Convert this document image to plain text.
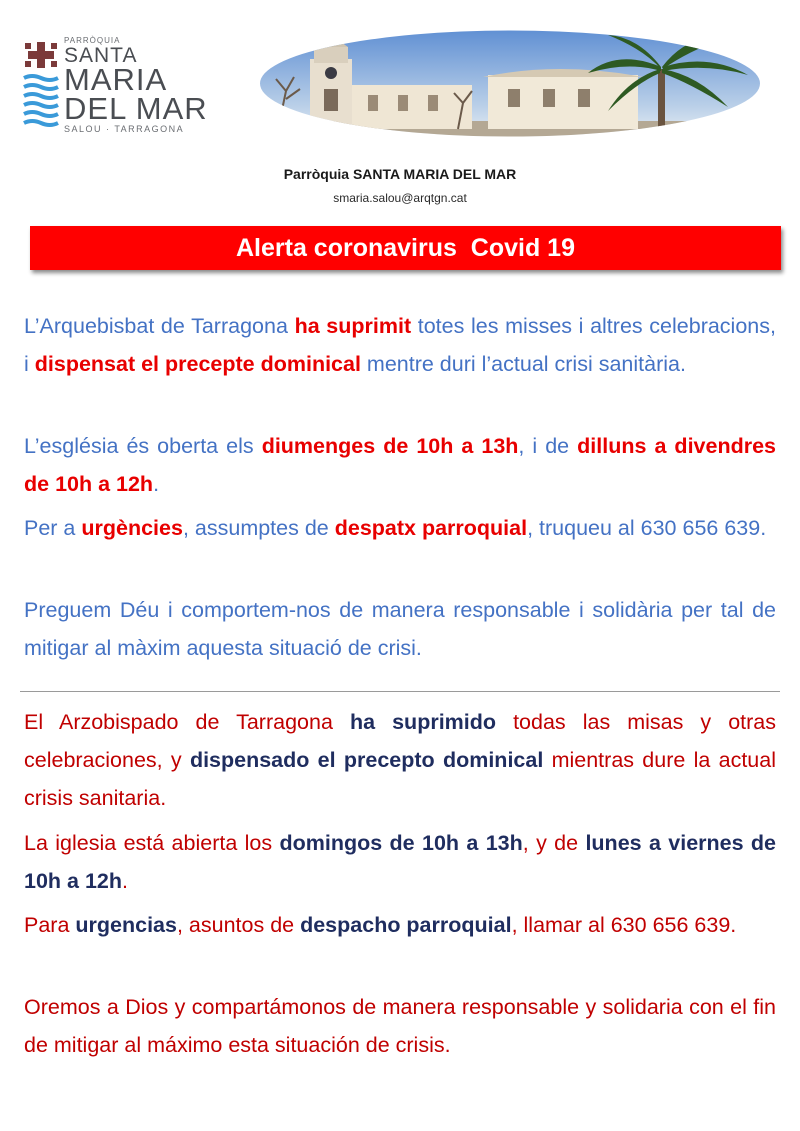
PARRÒQUIA
SANTA
MARIA
DEL MAR
SALOU · TARRAGONA
Parròquia SANTA MARIA DEL MAR
smaria.salou@arqtgn.cat
Alerta coronavirus  Covid 19
L’Arquebisbat de Tarragona ha suprimit totes les misses i altres celebracions, i dispensat el precepte dominical mentre duri l’actual crisi sanitària.
L’església és oberta els diumenges de 10h a 13h, i de dilluns a divendres de 10h a 12h.
Per a urgències, assumptes de despatx parroquial, truqueu al 630 656 639.
Preguem Déu i comportem-nos de manera responsable i solidària per tal de mitigar al màxim aquesta situació de crisi.
El Arzobispado de Tarragona ha suprimido todas las misas y otras celebraciones, y dispensado el precepto dominical mientras dure la actual crisis sanitaria.
La iglesia está abierta los domingos de 10h a 13h, y de lunes a viernes de 10h a 12h.
Para urgencias, asuntos de despacho parroquial, llamar al 630 656 639.
Oremos a Dios y compartámonos de manera responsable y solidaria con el fin de mitigar al máximo esta situación de crisis.
